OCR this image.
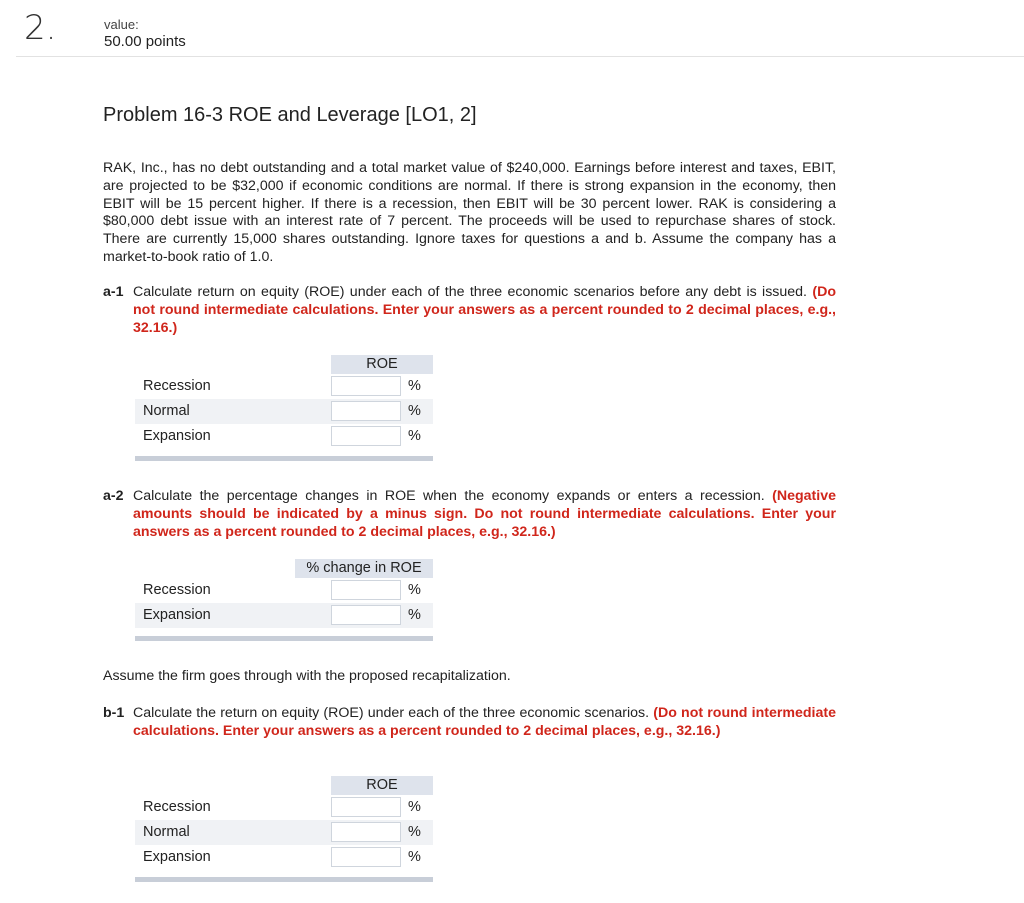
2.	value:
50.00 points
Problem 16-3 ROE and Leverage [LO1, 2]
RAK, Inc., has no debt outstanding and a total market value of $240,000. Earnings before interest and taxes, EBIT, are projected to be $32,000 if economic conditions are normal. If there is strong expansion in the economy, then EBIT will be 15 percent higher. If there is a recession, then EBIT will be 30 percent lower. RAK is considering a $80,000 debt issue with an interest rate of 7 percent. The proceeds will be used to repurchase shares of stock. There are currently 15,000 shares outstanding. Ignore taxes for questions a and b. Assume the company has a market-to-book ratio of 1.0.
a-1 Calculate return on equity (ROE) under each of the three economic scenarios before any debt is issued. (Do not round intermediate calculations. Enter your answers as a percent rounded to 2 decimal places, e.g., 32.16.)
ROE
Recession	%
Normal	%
Expansion	%
a-2 Calculate the percentage changes in ROE when the economy expands or enters a recession. (Negative amounts should be indicated by a minus sign. Do not round intermediate calculations. Enter your answers as a percent rounded to 2 decimal places, e.g., 32.16.)
% change in ROE
Recession	%
Expansion	%
Assume the firm goes through with the proposed recapitalization.
b-1 Calculate the return on equity (ROE) under each of the three economic scenarios. (Do not round intermediate calculations. Enter your answers as a percent rounded to 2 decimal places, e.g., 32.16.)
ROE
Recession	%
Normal	%
Expansion	%
